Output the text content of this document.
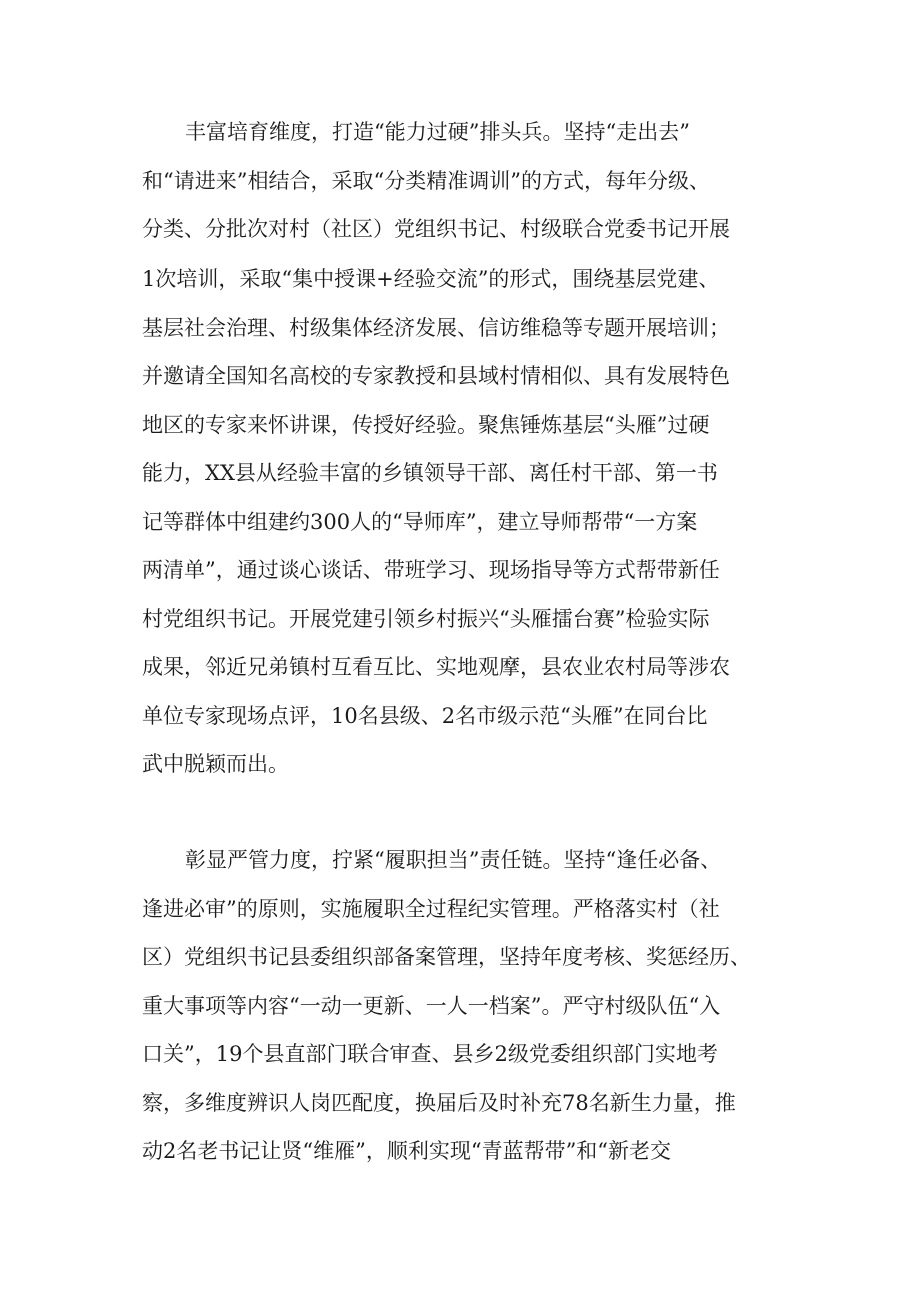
丰富培育维度，打造“能力过硬”排头兵。坚持“走出去”
和“请进来”相结合，采取“分类精准调训”的方式，每年分级、
分类、分批次对村（社区）党组织书记、村级联合党委书记开展
1次培训，采取“集中授课+经验交流”的形式，围绕基层党建、
基层社会治理、村级集体经济发展、信访维稳等专题开展培训；
并邀请全国知名高校的专家教授和县域村情相似、具有发展特色
地区的专家来怀讲课，传授好经验。聚焦锤炼基层“头雁”过硬
能力，XX县从经验丰富的乡镇领导干部、离任村干部、第一书
记等群体中组建约300人的“导师库”，建立导师帮带“一方案
两清单”，通过谈心谈话、带班学习、现场指导等方式帮带新任
村党组织书记。开展党建引领乡村振兴“头雁擂台赛”检验实际
成果，邻近兄弟镇村互看互比、实地观摩，县农业农村局等涉农
单位专家现场点评，10名县级、2名市级示范“头雁”在同台比
武中脱颖而出。
彰显严管力度，拧紧“履职担当”责任链。坚持“逢任必备、
逢进必审”的原则，实施履职全过程纪实管理。严格落实村（社
区）党组织书记县委组织部备案管理，坚持年度考核、奖惩经历、
重大事项等内容“一动一更新、一人一档案”。严守村级队伍“入
口关”，19个县直部门联合审查、县乡2级党委组织部门实地考
察，多维度辨识人岗匹配度，换届后及时补充78名新生力量，推
动2名老书记让贤“维雁”，顺利实现“青蓝帮带”和“新老交
